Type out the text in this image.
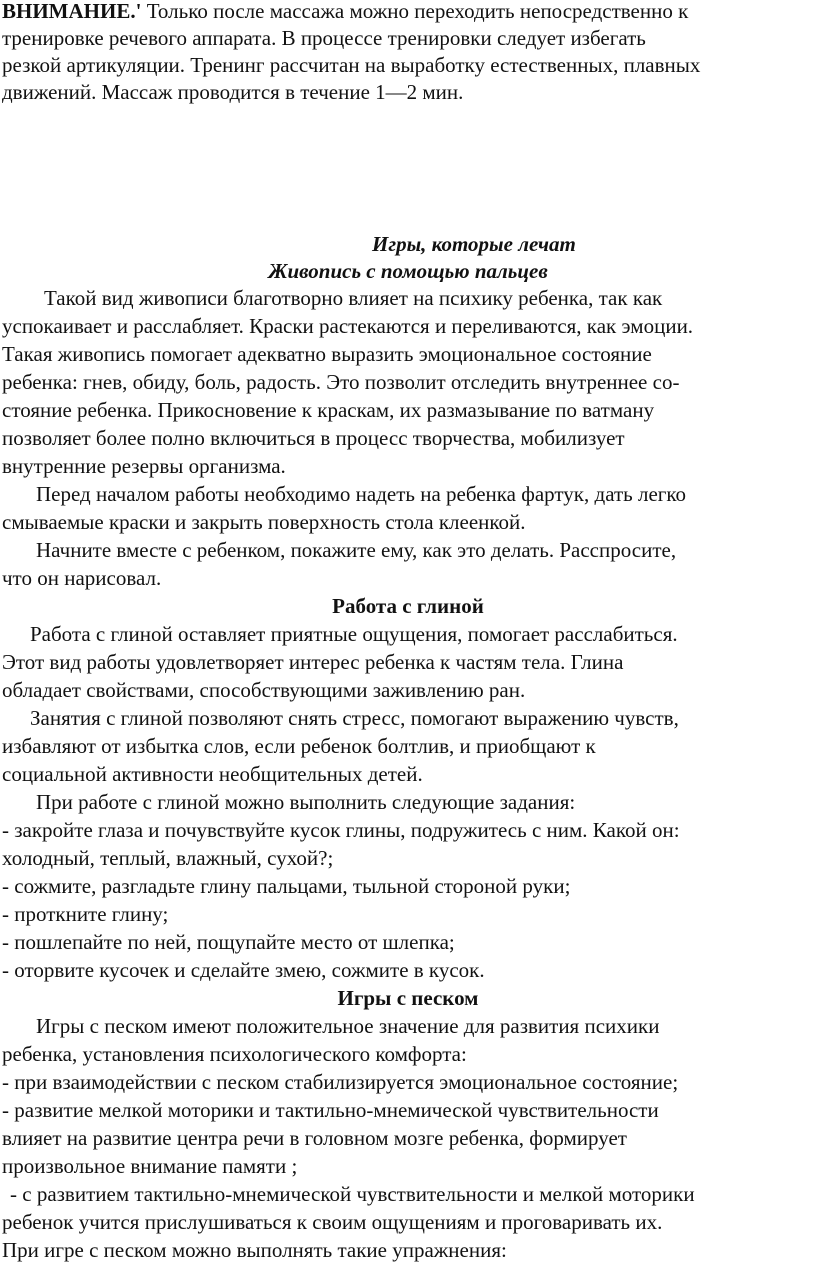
ВНИМАНИЕ.' Только после массажа можно переходить непосредственно к

тренировке речевого аппарата. В процессе тренировки следует избегать

резкой артикуляции. Тренинг рассчитан на выработку естественных, плавных

движений. Массаж проводится в течение 1—2 мин.

Игры, которые лечат

Живопись с помощью пальцев

Такой вид живописи благотворно влияет на психику ребенка, так как

успокаивает и расслабляет. Краски растекаются и переливаются, как эмоции.

Такая живопись помогает адекватно выразить эмоциональное состояние

ребенка: гнев, обиду, боль, радость. Это позволит отследить внутреннее со-

стояние ребенка. Прикосновение к краскам, их размазывание по ватману

позволяет более полно включиться в процесс творчества, мобилизует

внутренние резервы организма.

Перед началом работы необходимо надеть на ребенка фартук, дать легко

смываемые краски и закрыть поверхность стола клеенкой.

Начните вместе с ребенком, покажите ему, как это делать. Расспросите,

что он нарисовал.

Работа с глиной

Работа с глиной оставляет приятные ощущения, помогает расслабиться.

Этот вид работы удовлетворяет интерес ребенка к частям тела. Глина

обладает свойствами, способствующими заживлению ран.

Занятия с глиной позволяют снять стресс, помогают выражению чувств,

избавляют от избытка слов, если ребенок болтлив, и приобщают к

социальной активности необщительных детей.

При работе с глиной можно выполнить следующие задания:

- закройте глаза и почувствуйте кусок глины, подружитесь с ним. Какой он:

холодный, теплый, влажный, сухой?;

- сожмите, разгладьте глину пальцами, тыльной стороной руки;

- проткните глину;

- пошлепайте по ней, пощупайте место от шлепка;

- оторвите кусочек и сделайте змею, сожмите в кусок.

Игры с песком

Игры с песком имеют положительное значение для развития психики

ребенка, установления психологического комфорта:

- при взаимодействии с песком стабилизируется эмоциональное состояние;

- развитие мелкой моторики и тактильно-мнемической чувствительности

влияет на развитие центра речи в головном мозге ребенка, формирует

произвольное внимание памяти ;

- с развитием тактильно-мнемической чувствительности и мелкой моторики

ребенок учится прислушиваться к своим ощущениям и проговаривать их.

При игре с песком можно выполнять такие упражнения:
